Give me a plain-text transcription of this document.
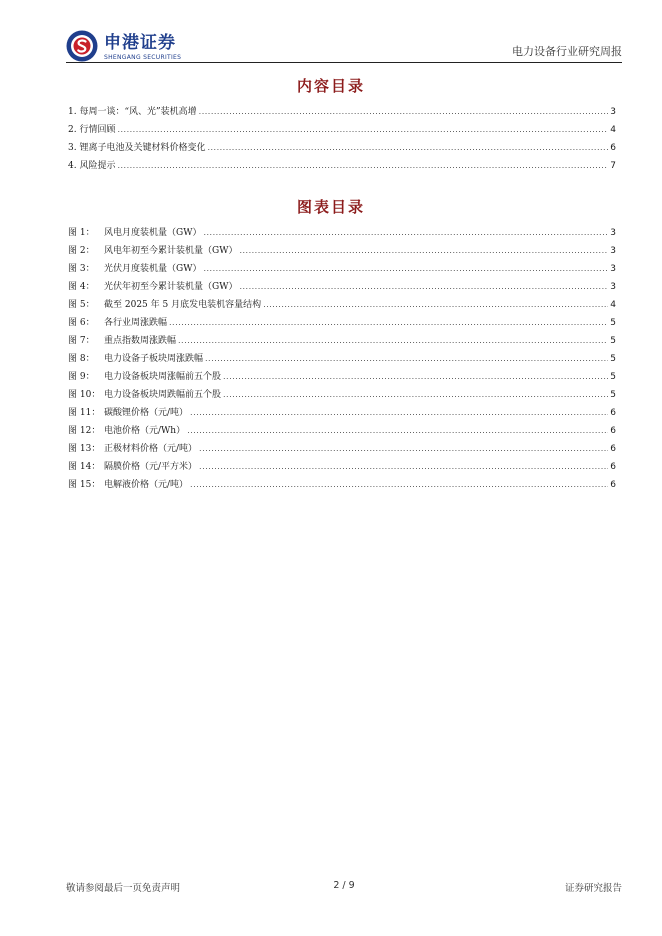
申港证券
SHENGANG SECURITIES	电力设备行业研究周报
内容目录
1. 每周一谈：“风、光”装机高增 .....	3
2. 行情回顾 .....	4
3. 锂离子电池及关键材料价格变化 .....	6
4. 风险提示 .....	7
图表目录
图 1： 风电月度装机量（GW） .....	3
图 2： 风电年初至今累计装机量（GW） .....	3
图 3： 光伏月度装机量（GW） .....	3
图 4： 光伏年初至今累计装机量（GW） .....	3
图 5： 截至 2025 年 5 月底发电装机容量结构 .....	4
图 6： 各行业周涨跌幅 .....	5
图 7： 重点指数周涨跌幅 .....	5
图 8： 电力设备子板块周涨跌幅 .....	5
图 9： 电力设备板块周涨幅前五个股 .....	5
图 10： 电力设备板块周跌幅前五个股 .....	5
图 11： 碳酸锂价格（元/吨） .....	6
图 12： 电池价格（元/Wh） .....	6
图 13： 正极材料价格（元/吨） .....	6
图 14： 隔膜价格（元/平方米） .....	6
图 15： 电解液价格（元/吨） .....	6
敬请参阅最后一页免责声明	2 / 9	证券研究报告
